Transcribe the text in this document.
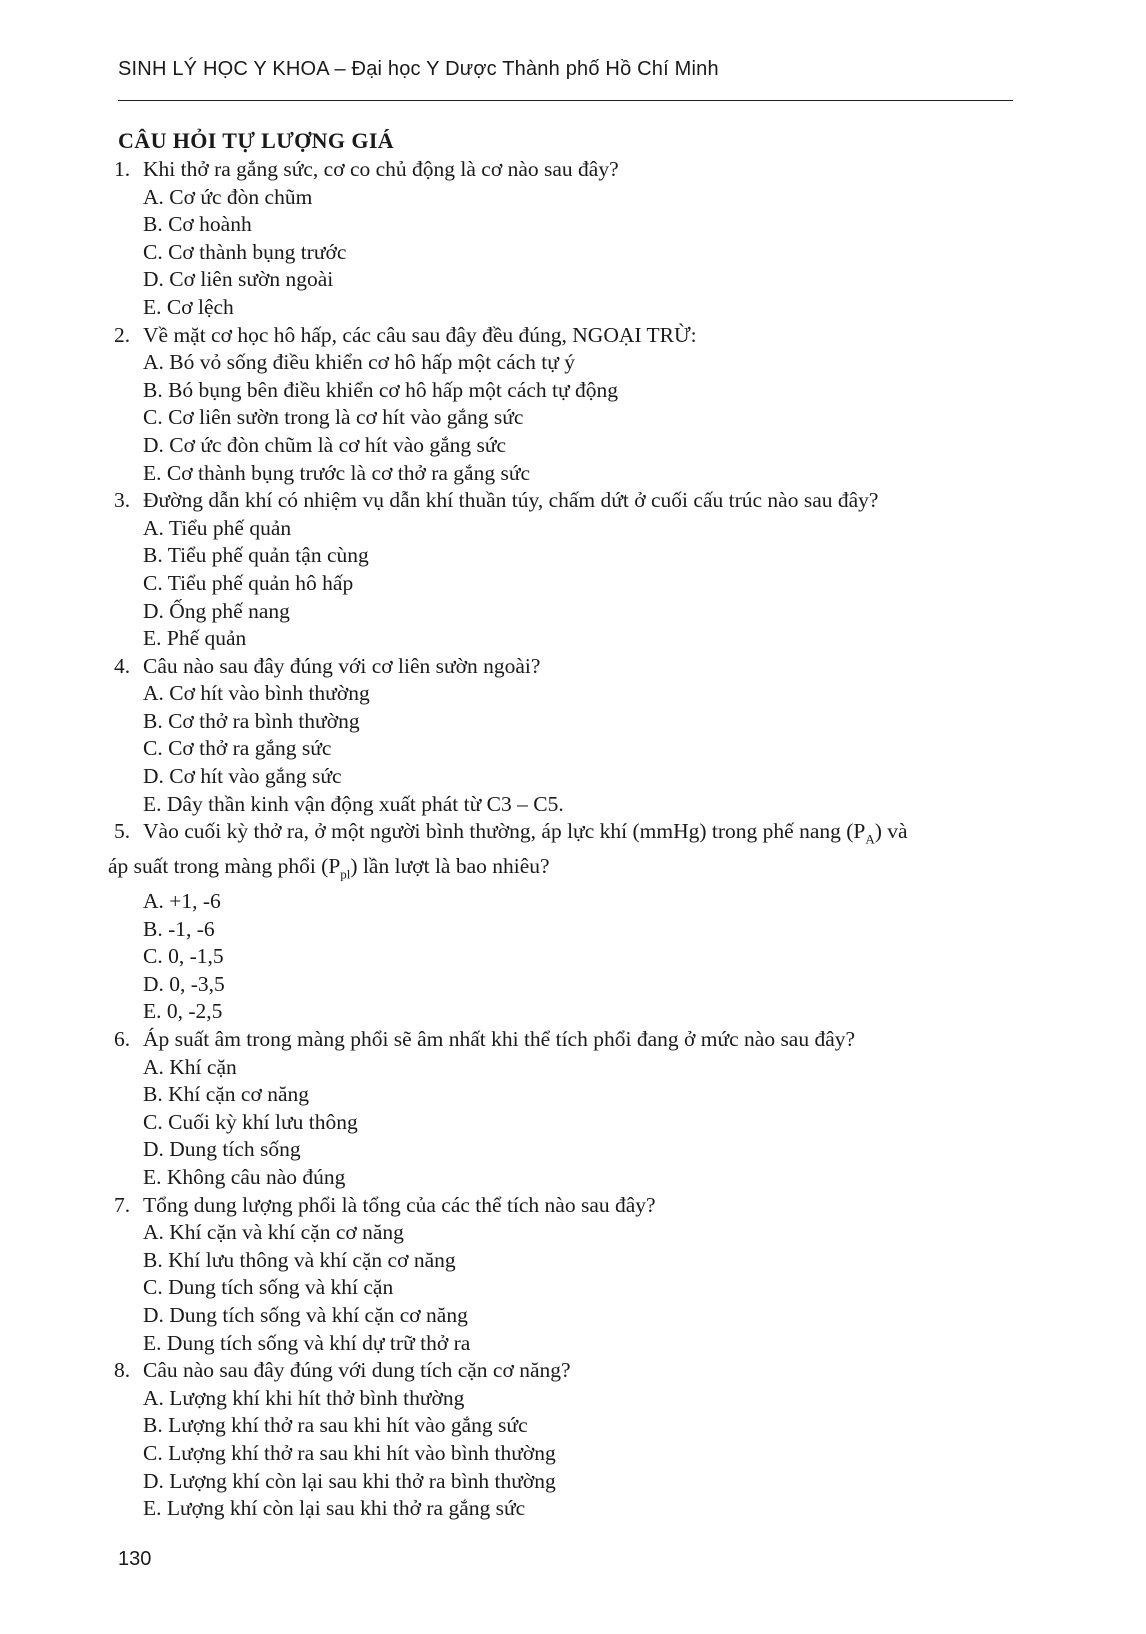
SINH LÝ HỌC Y KHOA – Đại học Y Dược Thành phố Hồ Chí Minh
CÂU HỎI TỰ LƯỢNG GIÁ
1. Khi thở ra gắng sức, cơ co chủ động là cơ nào sau đây?
A. Cơ ức đòn chũm
B. Cơ hoành
C. Cơ thành bụng trước
D. Cơ liên sườn ngoài
E. Cơ lệch
2. Về mặt cơ học hô hấp, các câu sau đây đều đúng, NGOẠI TRỪ:
A. Bó vỏ sống điều khiển cơ hô hấp một cách tự ý
B. Bó bụng bên điều khiển cơ hô hấp một cách tự động
C. Cơ liên sườn trong là cơ hít vào gắng sức
D. Cơ ức đòn chũm là cơ hít vào gắng sức
E. Cơ thành bụng trước là cơ thở ra gắng sức
3. Đường dẫn khí có nhiệm vụ dẫn khí thuần túy, chấm dứt ở cuối cấu trúc nào sau đây?
A. Tiểu phế quản
B. Tiểu phế quản tận cùng
C. Tiểu phế quản hô hấp
D. Ống phế nang
E. Phế quản
4. Câu nào sau đây đúng với cơ liên sườn ngoài?
A. Cơ hít vào bình thường
B. Cơ thở ra bình thường
C. Cơ thở ra gắng sức
D. Cơ hít vào gắng sức
E. Dây thần kinh vận động xuất phát từ C3 – C5.
5. Vào cuối kỳ thở ra, ở một người bình thường, áp lực khí (mmHg) trong phế nang $(P_A)$ và
áp suất trong màng phổi $(P_{pl})$ lần lượt là bao nhiêu?
A. +1, -6
B. -1, -6
C. 0, -1,5
D. 0, -3,5
E. 0, -2,5
6. Áp suất âm trong màng phổi sẽ âm nhất khi thể tích phổi đang ở mức nào sau đây?
A. Khí cặn
B. Khí cặn cơ năng
C. Cuối kỳ khí lưu thông
D. Dung tích sống
E. Không câu nào đúng
7. Tổng dung lượng phổi là tổng của các thể tích nào sau đây?
A. Khí cặn và khí cặn cơ năng
B. Khí lưu thông và khí cặn cơ năng
C. Dung tích sống và khí cặn
D. Dung tích sống và khí cặn cơ năng
E. Dung tích sống và khí dự trữ thở ra
8. Câu nào sau đây đúng với dung tích cặn cơ năng?
A. Lượng khí khi hít thở bình thường
B. Lượng khí thở ra sau khi hít vào gắng sức
C. Lượng khí thở ra sau khi hít vào bình thường
D. Lượng khí còn lại sau khi thở ra bình thường
E. Lượng khí còn lại sau khi thở ra gắng sức
130
